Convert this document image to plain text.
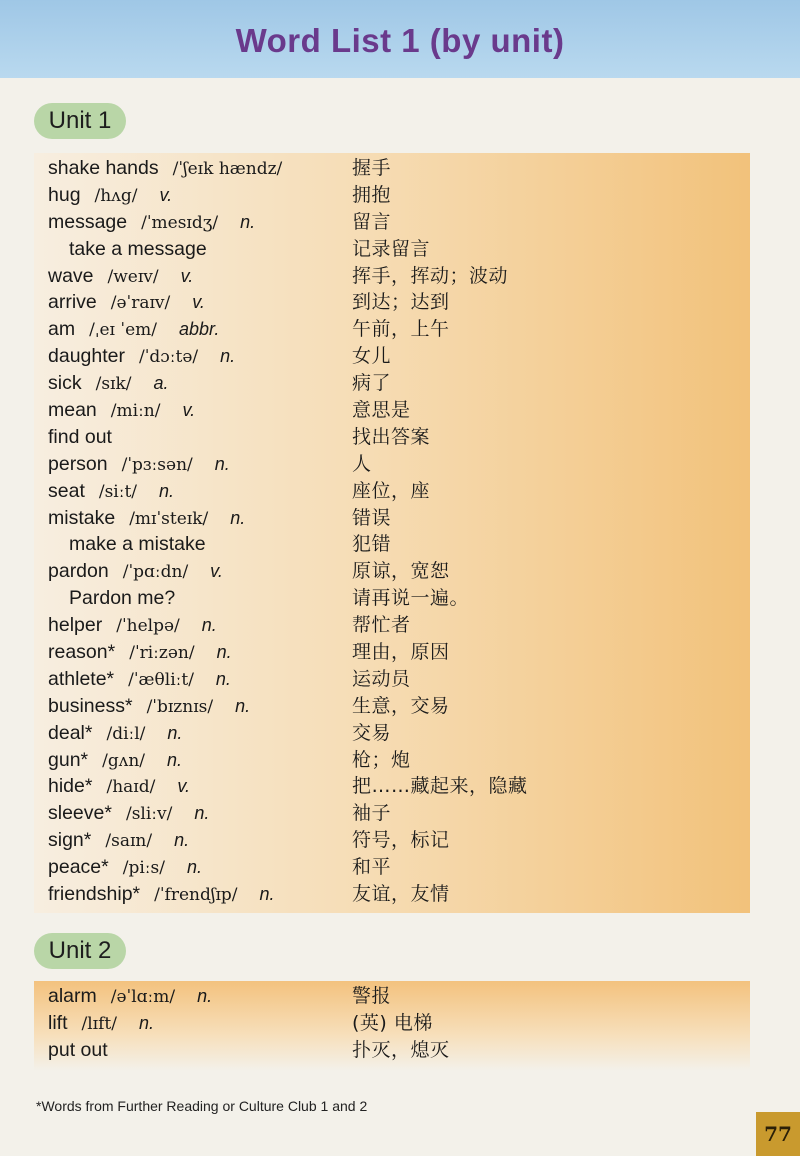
Word List 1 (by unit)
Unit 1
shake hands /ˈʃeɪk hændz/	握手
hug /hʌg/ v.	拥抱
message /ˈmesɪdʒ/ n.	留言
take a message	记录留言
wave /weɪv/ v.	挥手，挥动；波动
arrive /əˈraɪv/ v.	到达；达到
am /ˌeɪ ˈem/ abbr.	午前，上午
daughter /ˈdɔːtə/ n.	女儿
sick /sɪk/ a.	病了
mean /miːn/ v.	意思是
find out	找出答案
person /ˈpɜːsən/ n.	人
seat /siːt/ n.	座位，座
mistake /mɪˈsteɪk/ n.	错误
make a mistake	犯错
pardon /ˈpɑːdn/ v.	原谅，宽恕
Pardon me?	请再说一遍。
helper /ˈhelpə/ n.	帮忙者
reason* /ˈriːzən/ n.	理由，原因
athlete* /ˈæθliːt/ n.	运动员
business* /ˈbɪznɪs/ n.	生意，交易
deal* /diːl/ n.	交易
gun* /gʌn/ n.	枪；炮
hide* /haɪd/ v.	把……藏起来，隐藏
sleeve* /sliːv/ n.	袖子
sign* /saɪn/ n.	符号，标记
peace* /piːs/ n.	和平
friendship* /ˈfrendʃɪp/ n.	友谊，友情
Unit 2
alarm /əˈlɑːm/ n.	警报
lift /lɪft/ n.	(英) 电梯
put out	扑灭，熄灭
*Words from Further Reading or Culture Club 1 and 2
77
